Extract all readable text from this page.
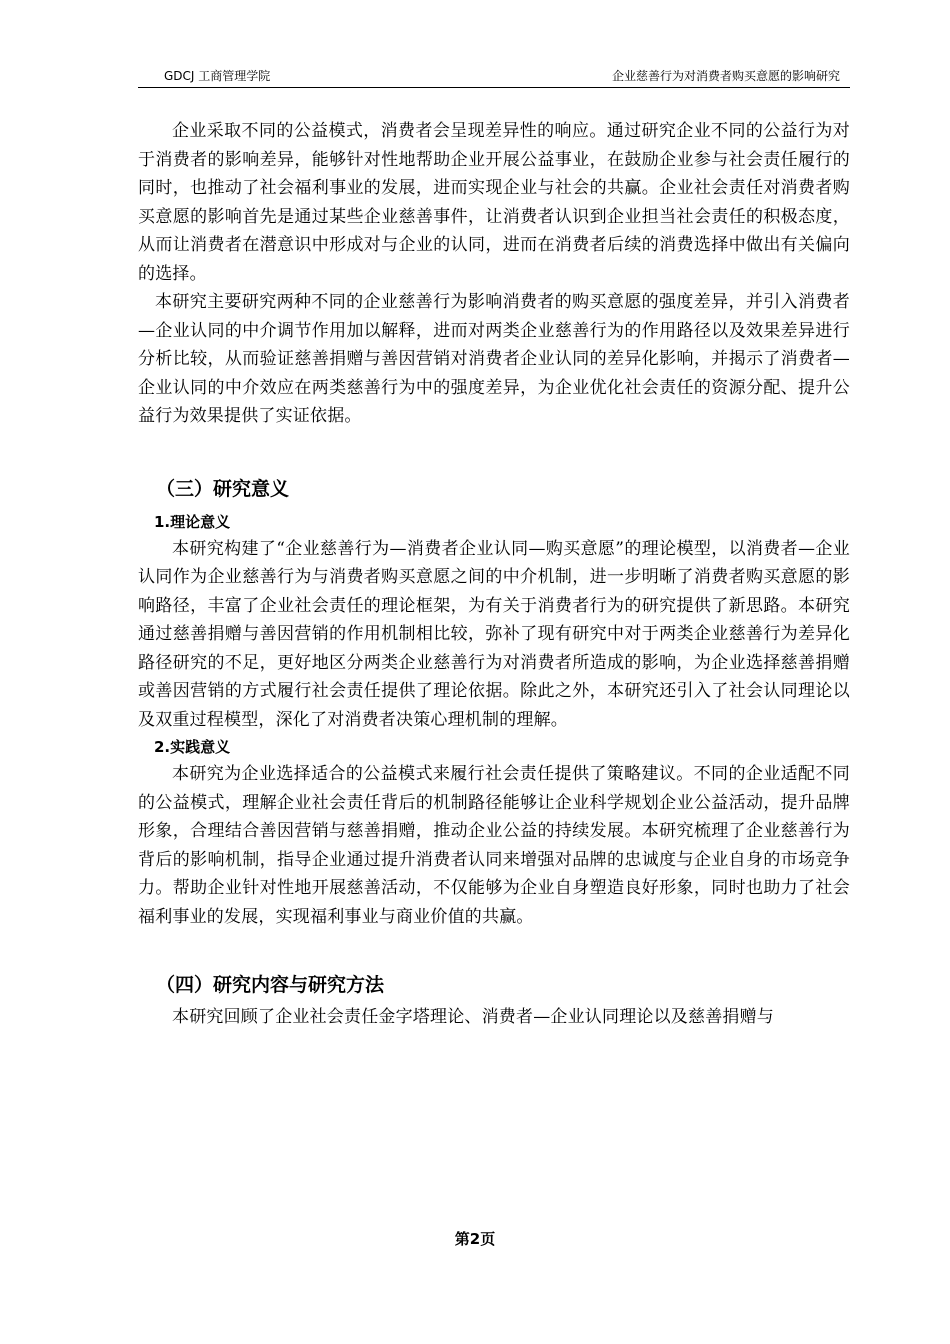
GDCJ 工商管理学院	企业慈善行为对消费者购买意愿的影响研究

企业采取不同的公益模式，消费者会呈现差异性的响应。通过研究企业不同的公益行为对于消费者的影响差异，能够针对性地帮助企业开展公益事业，在鼓励企业参与社会责任履行的同时，也推动了社会福利事业的发展，进而实现企业与社会的共赢。企业社会责任对消费者购买意愿的影响首先是通过某些企业慈善事件，让消费者认识到企业担当社会责任的积极态度，从而让消费者在潜意识中形成对与企业的认同，进而在消费者后续的消费选择中做出有关偏向的选择。

本研究主要研究两种不同的企业慈善行为影响消费者的购买意愿的强度差异，并引入消费者—企业认同的中介调节作用加以解释，进而对两类企业慈善行为的作用路径以及效果差异进行分析比较，从而验证慈善捐赠与善因营销对消费者企业认同的差异化影响，并揭示了消费者—企业认同的中介效应在两类慈善行为中的强度差异，为企业优化社会责任的资源分配、提升公益行为效果提供了实证依据。

（三）研究意义
1.理论意义

本研究构建了“企业慈善行为—消费者企业认同—购买意愿”的理论模型，以消费者—企业认同作为企业慈善行为与消费者购买意愿之间的中介机制，进一步明晰了消费者购买意愿的影响路径，丰富了企业社会责任的理论框架，为有关于消费者行为的研究提供了新思路。本研究通过慈善捐赠与善因营销的作用机制相比较，弥补了现有研究中对于两类企业慈善行为差异化路径研究的不足，更好地区分两类企业慈善行为对消费者所造成的影响，为企业选择慈善捐赠或善因营销的方式履行社会责任提供了理论依据。除此之外，本研究还引入了社会认同理论以及双重过程模型，深化了对消费者决策心理机制的理解。

2.实践意义

本研究为企业选择适合的公益模式来履行社会责任提供了策略建议。不同的企业适配不同的公益模式，理解企业社会责任背后的机制路径能够让企业科学规划企业公益活动，提升品牌形象，合理结合善因营销与慈善捐赠，推动企业公益的持续发展。本研究梳理了企业慈善行为背后的影响机制，指导企业通过提升消费者认同来增强对品牌的忠诚度与企业自身的市场竞争力。帮助企业针对性地开展慈善活动，不仅能够为企业自身塑造良好形象，同时也助力了社会福利事业的发展，实现福利事业与商业价值的共赢。

（四）研究内容与研究方法

本研究回顾了企业社会责任金字塔理论、消费者—企业认同理论以及慈善捐赠与

第2页
